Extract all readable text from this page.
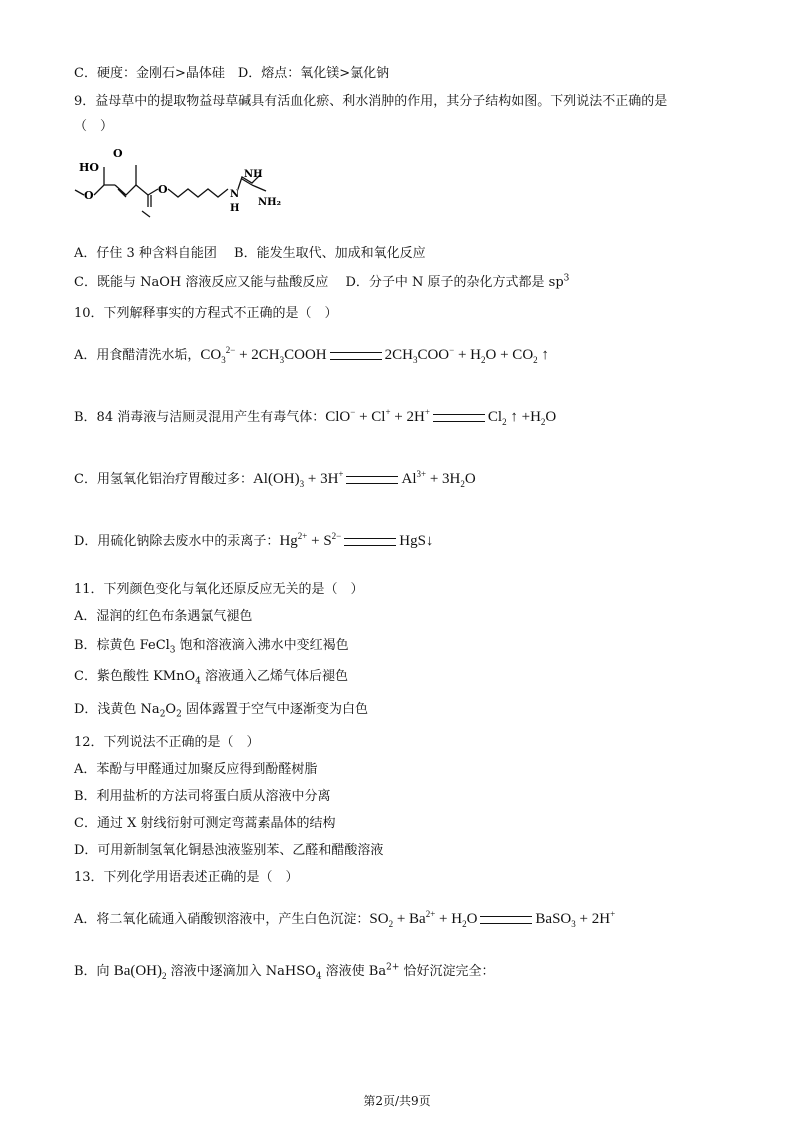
C．硬度：金刚石>晶体硅　D．熔点：氧化镁>氯化钠
9．益母草中的提取物益母草碱具有活血化瘀、利水消肿的作用，其分子结构如图。下列说法不正确的是
（　）
HO
O
O	O
NH
H
N
NH₂
A．仔住 3 种含料自能团　 B．能发生取代、加成和氧化反应
C．既能与 NaOH 溶液反应又能与盐酸反应　 D．分子中 N 原子的杂化方式都是 $sp^3$
10．下列解释事实的方程式不正确的是（　）
A．用食醋清洗水垢，$CO_3^{2-}$ + $2CH_3COOH$	$2CH_3COO^- + H_2O + CO_2$ ↑
B．84 消毒液与洁厕灵混用产生有毒气体：ClO− + Cl+ + 2H+	$Cl_2$ ↑ $+H_2O$
C．用氢氧化铝治疗胃酸过多：$Al(OH)_3 + 3H^+$	$Al^{3+} + 3H_2O$
D．用硫化钠除去废水中的汞离子：$Hg^{2+} + S^{2-}$	HgS↓
11．下列颜色变化与氧化还原反应无关的是（　）
A．湿润的红色布条遇氯气褪色
B．棕黄色 FeCl$_3$ 饱和溶液滴入沸水中变红褐色
C．紫色酸性 KMnO$_4$ 溶液通入乙烯气体后褪色
D．浅黄色 $Na_2O_2$ 固体露置于空气中逐渐变为白色
12．下列说法不正确的是（　）
A．苯酚与甲醛通过加聚反应得到酚醛树脂
B．利用盐析的方法司将蛋白质从溶液中分离
C．通过 X 射线衍射可测定弯蒿素晶体的结构
D．可用新制氢氧化铜悬浊液鉴别苯、乙醛和醋酸溶液
13．下列化学用语表述正确的是（　）
A．将二氧化硫通入硝酸钡溶液中，产生白色沉淀：$SO_2 + Ba^{2+} + H_2O$	BaSO$_3$ + 2H+
B．向 $Ba(OH)_2$ 溶液中逐滴加入 NaHSO$_4$ 溶液使 $Ba^{2+}$ 恰好沉淀完全：
第2页/共9页
